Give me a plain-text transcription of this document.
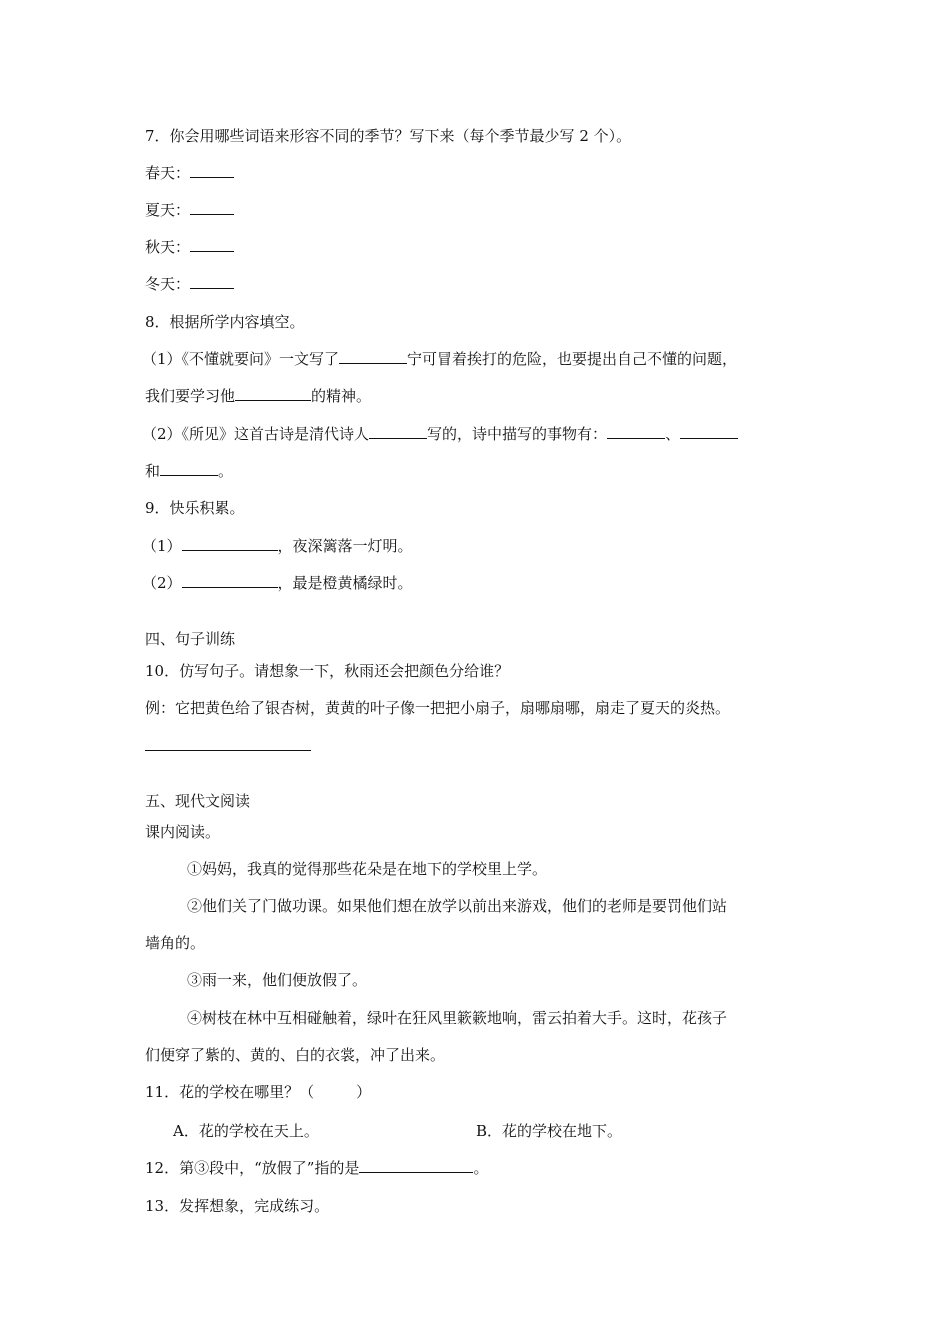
7．你会用哪些词语来形容不同的季节？写下来（每个季节最少写 2 个）。
春天：
夏天：
秋天：
冬天：
8．根据所学内容填空。
（1）《不懂就要问》一文写了	宁可冒着挨打的危险，也要提出自己不懂的问题，
我们要学习他	的精神。
（2）《所见》这首古诗是清代诗人	写的，诗中描写的事物有：	、
和	。
9．快乐积累。
（1）	，夜深篱落一灯明。
（2）	，最是橙黄橘绿时。
四、句子训练
10．仿写句子。请想象一下，秋雨还会把颜色分给谁？
例：它把黄色给了银杏树，黄黄的叶子像一把把小扇子，扇哪扇哪，扇走了夏天的炎热。
五、现代文阅读
课内阅读。
①妈妈，我真的觉得那些花朵是在地下的学校里上学。
②他们关了门做功课。如果他们想在放学以前出来游戏，他们的老师是要罚他们站
墙角的。
③雨一来，他们便放假了。
④树枝在林中互相碰触着，绿叶在狂风里簌簌地响，雷云拍着大手。这时，花孩子
们便穿了紫的、黄的、白的衣裳，冲了出来。
11．花的学校在哪里？（	）
A．花的学校在天上。	B．花的学校在地下。
12．第③段中，“放假了”指的是	。
13．发挥想象，完成练习。
